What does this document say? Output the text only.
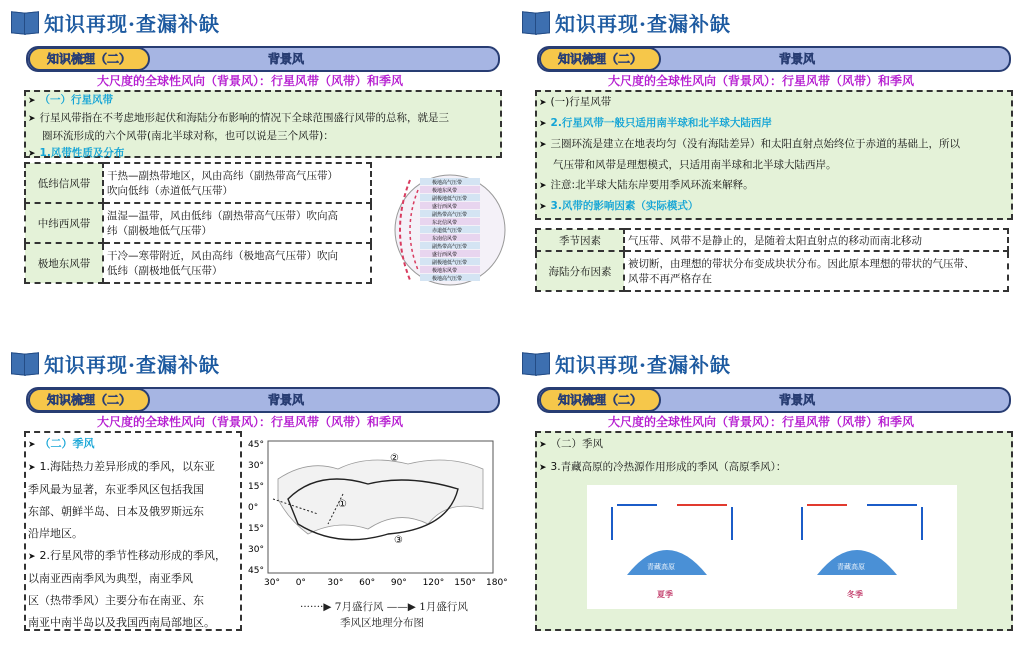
知识再现·查漏补缺
知识梳理（二）	背景风
大尺度的全球性风向（背景风）：行星风带（风带）和季风
➤ （一）行星风带
➤ 行星风带指在不考虑地形起伏和海陆分布影响的情况下全球范围盛行风带的总称，就是三
圈环流形成的六个风带(南北半球对称，也可以说是三个风带)：
➤ 1.风带性质及分布
低纬信风带	干热—副热带地区，风由高纬（副热带高气压带）
吹向低纬（赤道低气压带）

中纬西风带	温湿—温带，风由低纬（副热带高气压带）吹向高
纬（副极地低气压带）

极地东风带	干冷—寒带附近，风由高纬（极地高气压带）吹向
低纬（副极地低气压带）
极地高气压带
极地东风带
副极地低气压带
盛行西风带
副热带高气压带
东北信风带
赤道低气压带
东南信风带
副热带高气压带
盛行西风带
副极地低气压带
极地东风带
极地高气压带
知识再现·查漏补缺
知识梳理（二）	背景风
大尺度的全球性风向（背景风）：行星风带（风带）和季风
➤ (一)行星风带
➤ 2.行星风带一般只适用南半球和北半球大陆西岸
➤ 三圈环流是建立在地表均匀（没有海陆差异）和太阳直射点始终位于赤道的基础上，所以
气压带和风带是理想模式，只适用南半球和北半球大陆西岸。
➤ 注意:北半球大陆东岸要用季风环流来解释。
➤ 3.风带的影响因素（实际模式）
季节因素	气压带、风带不是静止的，是随着太阳直射点的移动而南北移动
海陆分布因素	被切断，由理想的带状分布变成块状分布。因此原本理想的带状的气压带、
风带不再严格存在
知识再现·查漏补缺
知识梳理（二）	背景风
大尺度的全球性风向（背景风）：行星风带（风带）和季风
➤ （二）季风
➤ 1.海陆热力差异形成的季风，以东亚
季风最为显著，东亚季风区包括我国
东部、朝鲜半岛、日本及俄罗斯远东
沿岸地区。
➤ 2.行星风带的季节性移动形成的季风，
以南亚西南季风为典型，南亚季风
区（热带季风）主要分布在南亚、东
南亚中南半岛以及我国西南局部地区。
①
②
③
45°
30°
15°
0°
15°
30°
45°
30° 0° 30° 60° 90° 120° 150° 180°
·······▶ 7月盛行风 ——▶ 1月盛行风
季风区地理分布图
知识再现·查漏补缺
知识梳理（二）	背景风
大尺度的全球性风向（背景风）：行星风带（风带）和季风
➤ （二）季风
➤ 3.青藏高原的冷热源作用形成的季风（高原季风）：
青藏高原
夏季
青藏高原
冬季
